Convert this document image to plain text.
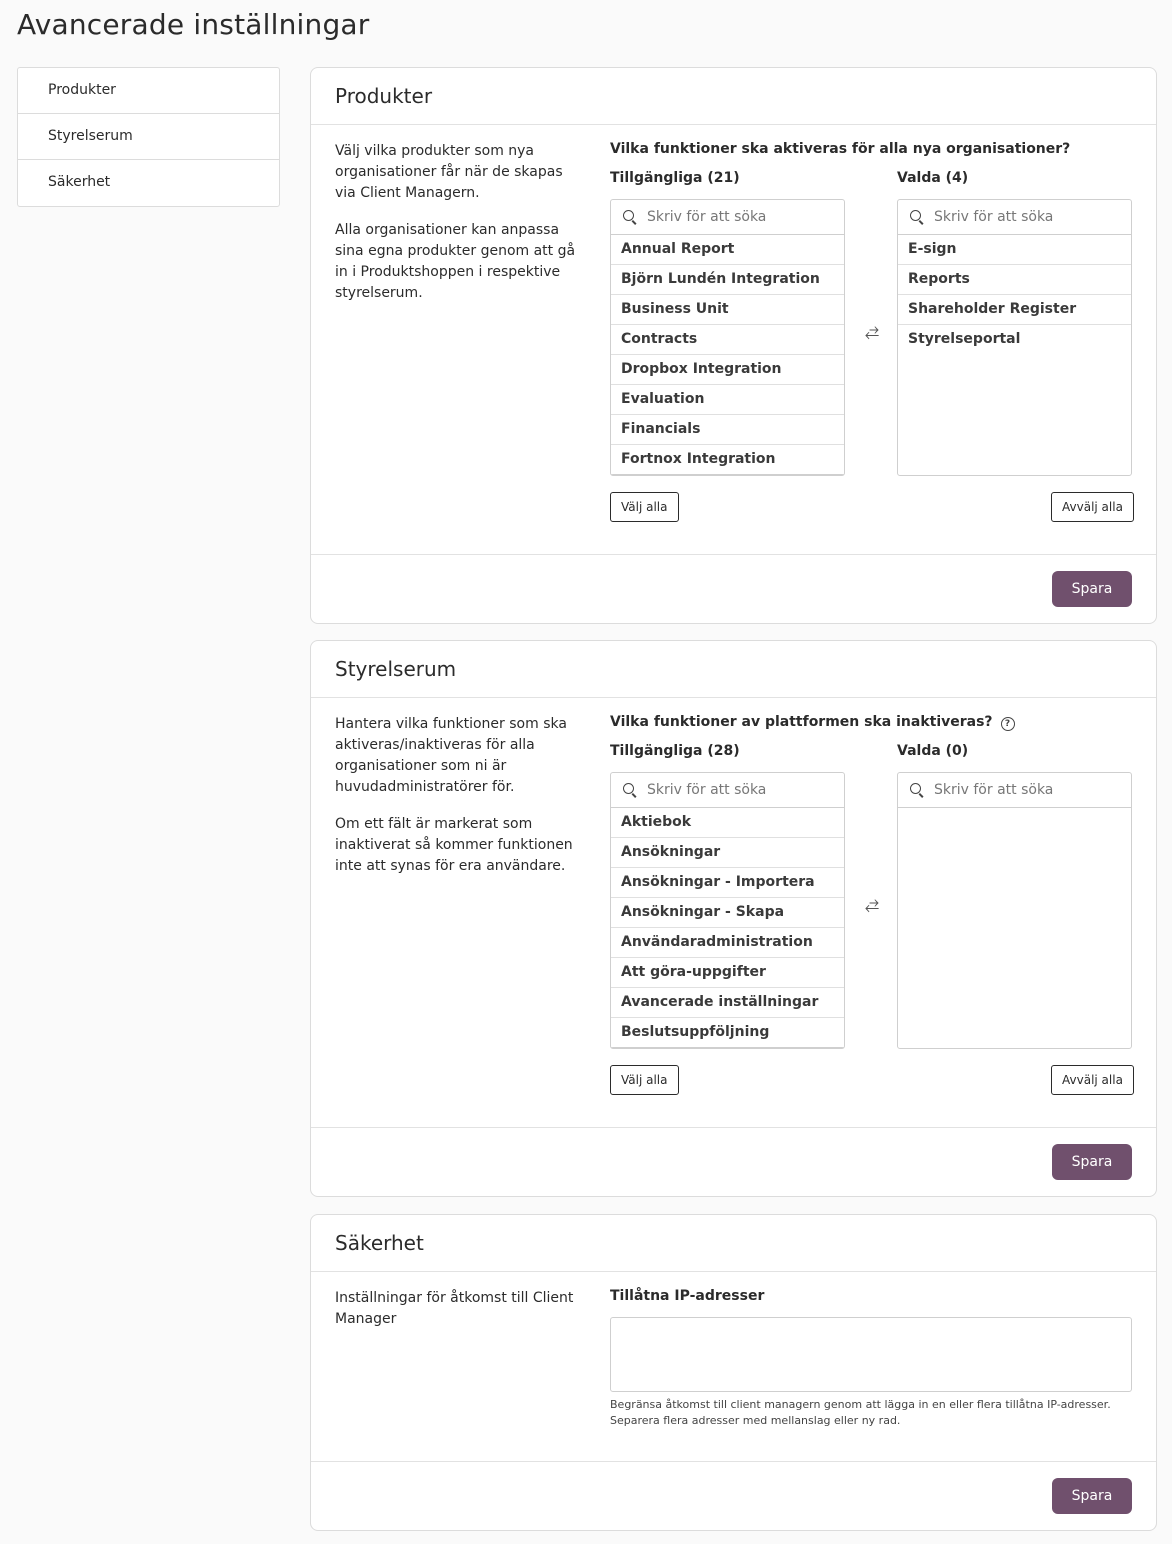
Avancerade inställningar
Produkter
Styrelserum
Säkerhet
Produkter

Välj vilka produkter som nya organisationer får när de skapas via Client Managern.

Alla organisationer kan anpassa sina egna produkter genom att gå in i Produktshoppen i respektive styrelserum.

Vilka funktioner ska aktiveras för alla nya organisationer?
Tillgängliga (21)	Valda (4)
Skriv för att söka
Annual Report
Björn Lundén Integration
Business Unit
Contracts
Dropbox Integration
Evaluation
Financials
Fortnox Integration
⥄
Skriv för att söka
E-sign
Reports
Shareholder Register
Styrelseportal
Välj alla	Avvälj alla
Spara
Styrelserum

Hantera vilka funktioner som ska aktiveras/inaktiveras för alla organisationer som ni är huvudadministratörer för.

Om ett fält är markerat som inaktiverat så kommer funktionen inte att synas för era användare.

Vilka funktioner av plattformen ska inaktiveras? ?
Tillgängliga (28)	Valda (0)
Skriv för att söka
Aktiebok
Ansökningar
Ansökningar - Importera
Ansökningar - Skapa
Användaradministration
Att göra-uppgifter
Avancerade inställningar
Beslutsuppföljning
⥄
Skriv för att söka
Välj alla	Avvälj alla
Spara
Säkerhet
Inställningar för åtkomst till Client Manager
Tillåtna IP-adresser
Begränsa åtkomst till client managern genom att lägga in en eller flera tillåtna IP-adresser. Separera flera adresser med mellanslag eller ny rad.
Spara
